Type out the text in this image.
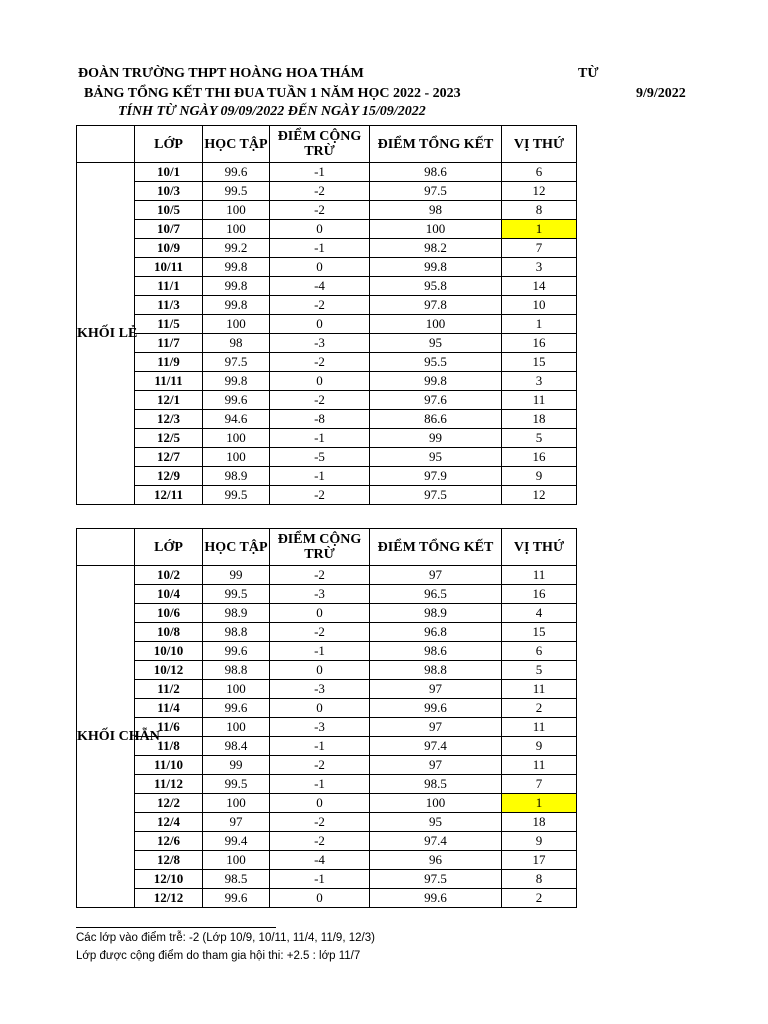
ĐOÀN TRƯỜNG THPT HOÀNG HOA THÁM	TỪ
BẢNG TỔNG KẾT THI ĐUA TUẦN 1 NĂM HỌC 2022 - 2023	9/9/2022
TÍNH TỪ NGÀY 09/09/2022 ĐẾN NGÀY 15/09/2022
	LỚP	HỌC TẬP	ĐIỂM CỘNG TRỪ	ĐIỂM TỔNG KẾT	VỊ THỨ
KHỐI LẺ	10/1	99.6	-1	98.6	6
	10/3	99.5	-2	97.5	12
	10/5	100	-2	98	8
	10/7	100	0	100	1
	10/9	99.2	-1	98.2	7
	10/11	99.8	0	99.8	3
	11/1	99.8	-4	95.8	14
	11/3	99.8	-2	97.8	10
	11/5	100	0	100	1
	11/7	98	-3	95	16
	11/9	97.5	-2	95.5	15
	11/11	99.8	0	99.8	3
	12/1	99.6	-2	97.6	11
	12/3	94.6	-8	86.6	18
	12/5	100	-1	99	5
	12/7	100	-5	95	16
	12/9	98.9	-1	97.9	9
	12/11	99.5	-2	97.5	12
	LỚP	HỌC TẬP	ĐIỂM CỘNG TRỪ	ĐIỂM TỔNG KẾT	VỊ THỨ
KHỐI CHẴN	10/2	99	-2	97	11
	10/4	99.5	-3	96.5	16
	10/6	98.9	0	98.9	4
	10/8	98.8	-2	96.8	15
	10/10	99.6	-1	98.6	6
	10/12	98.8	0	98.8	5
	11/2	100	-3	97	11
	11/4	99.6	0	99.6	2
	11/6	100	-3	97	11
	11/8	98.4	-1	97.4	9
	11/10	99	-2	97	11
	11/12	99.5	-1	98.5	7
	12/2	100	0	100	1
	12/4	97	-2	95	18
	12/6	99.4	-2	97.4	9
	12/8	100	-4	96	17
	12/10	98.5	-1	97.5	8
	12/12	99.6	0	99.6	2
Các lớp vào điểm trễ: -2 (Lớp 10/9, 10/11, 11/4, 11/9, 12/3)
Lớp được cộng điểm do tham gia hội thi: +2.5 : lớp 11/7
